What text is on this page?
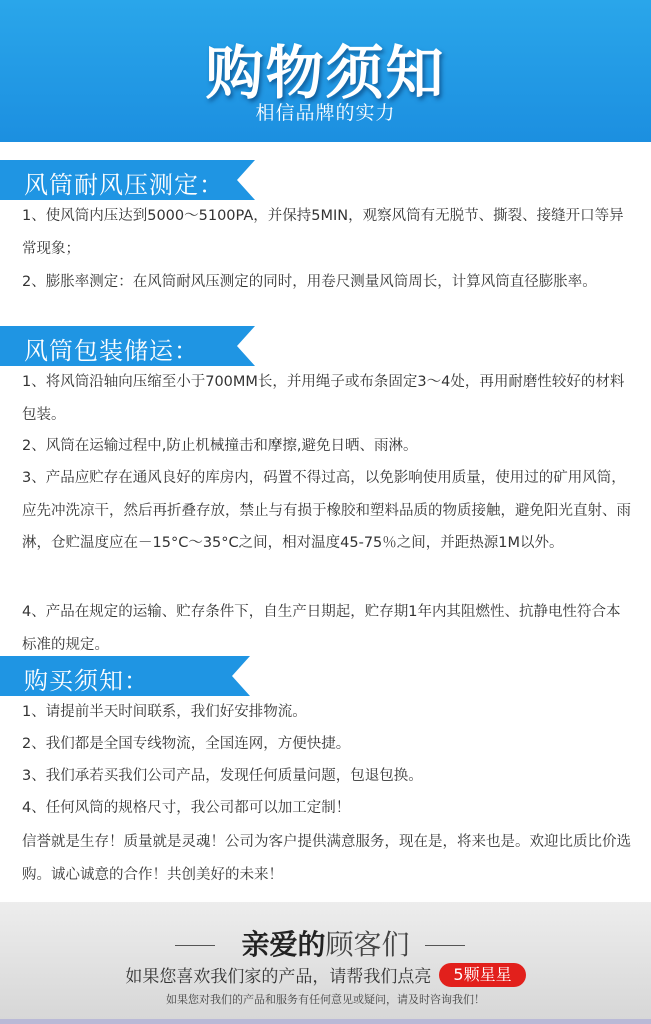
购物须知
相信品牌的实力
风筒耐风压测定：
1、使风筒内压达到5000～5100PA，并保持5MIN，观察风筒有无脱节、撕裂、接缝开口等异常现象；
2、膨胀率测定：在风筒耐风压测定的同时，用卷尺测量风筒周长，计算风筒直径膨胀率。
风筒包装储运：
1、将风筒沿轴向压缩至小于700MM长，并用绳子或布条固定3～4处，再用耐磨性较好的材料包装。
2、风筒在运输过程中,防止机械撞击和摩擦,避免日晒、雨淋。
3、产品应贮存在通风良好的库房内，码置不得过高，以免影响使用质量，使用过的矿用风筒，应先冲洗凉干，然后再折叠存放，禁止与有损于橡胶和塑料品质的物质接触，避免阳光直射、雨淋，仓贮温度应在－15°C～35°C之间，相对温度45-75％之间，并距热源1M以外。
4、产品在规定的运输、贮存条件下，自生产日期起，贮存期1年内其阻燃性、抗静电性符合本标准的规定。
购买须知：
1、请提前半天时间联系，我们好安排物流。
2、我们都是全国专线物流，全国连网，方便快捷。
3、我们承若买我们公司产品，发现任何质量问题，包退包换。
4、任何风筒的规格尺寸，我公司都可以加工定制！
信誉就是生存！质量就是灵魂！公司为客户提供满意服务，现在是，将来也是。欢迎比质比价选购。诚心诚意的合作！共创美好的未来！
亲爱的顾客们
如果您喜欢我们家的产品，请帮我们点亮 5颗星星
如果您对我们的产品和服务有任何意见或疑问，请及时咨询我们！
